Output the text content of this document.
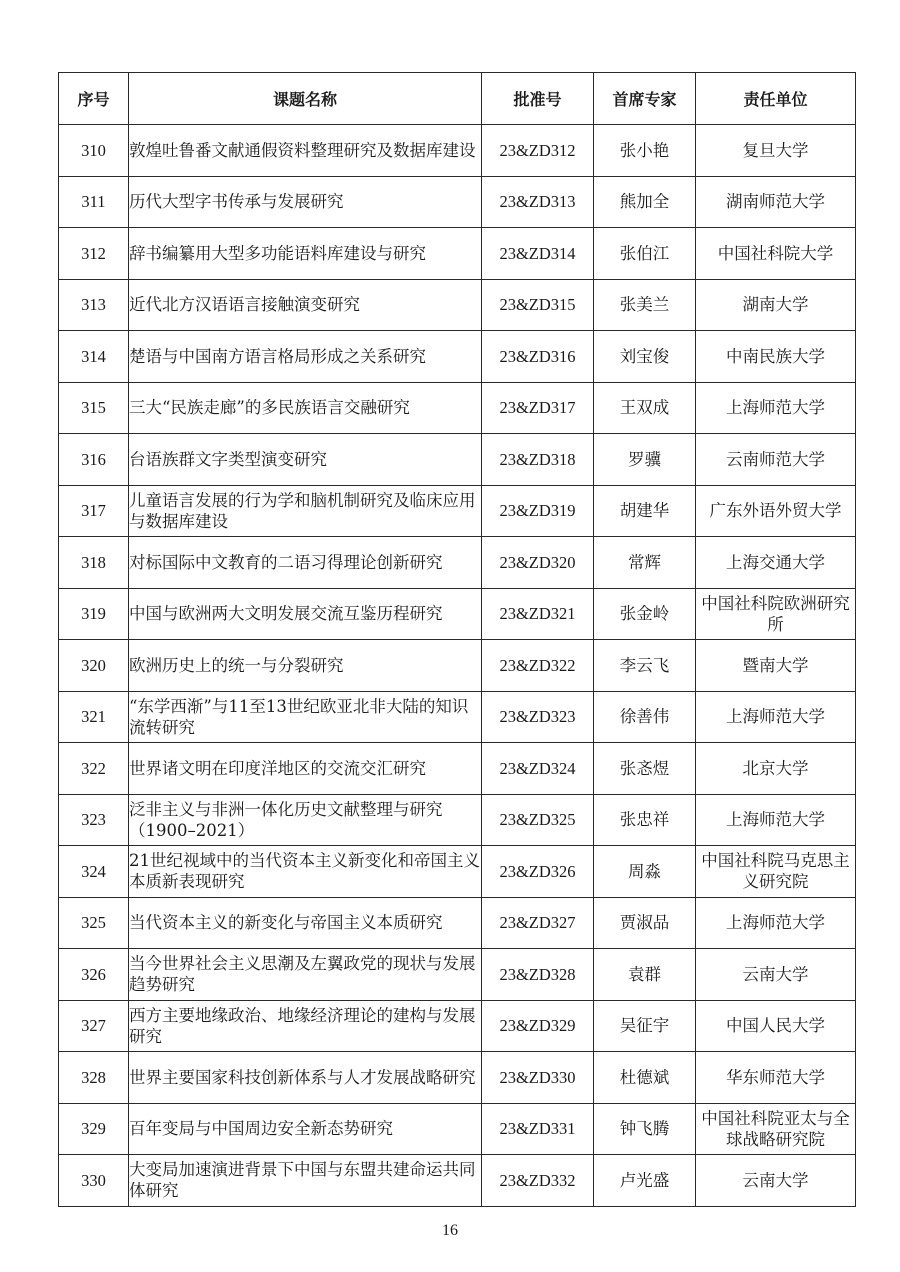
序号	课题名称	批准号	首席专家	责任单位
310	敦煌吐鲁番文献通假资料整理研究及数据库建设	23&ZD312	张小艳	复旦大学
311	历代大型字书传承与发展研究	23&ZD313	熊加全	湖南师范大学
312	辞书编纂用大型多功能语料库建设与研究	23&ZD314	张伯江	中国社科院大学
313	近代北方汉语语言接触演变研究	23&ZD315	张美兰	湖南大学
314	楚语与中国南方语言格局形成之关系研究	23&ZD316	刘宝俊	中南民族大学
315	三大“民族走廊”的多民族语言交融研究	23&ZD317	王双成	上海师范大学
316	台语族群文字类型演变研究	23&ZD318	罗骥	云南师范大学
317	儿童语言发展的行为学和脑机制研究及临床应用与数据库建设	23&ZD319	胡建华	广东外语外贸大学
318	对标国际中文教育的二语习得理论创新研究	23&ZD320	常辉	上海交通大学
319	中国与欧洲两大文明发展交流互鉴历程研究	23&ZD321	张金岭	中国社科院欧洲研究所
320	欧洲历史上的统一与分裂研究	23&ZD322	李云飞	暨南大学
321	“东学西渐”与11至13世纪欧亚北非大陆的知识流转研究	23&ZD323	徐善伟	上海师范大学
322	世界诸文明在印度洋地区的交流交汇研究	23&ZD324	张忞煜	北京大学
323	泛非主义与非洲一体化历史文献整理与研究（1900–2021）	23&ZD325	张忠祥	上海师范大学
324	21世纪视域中的当代资本主义新变化和帝国主义本质新表现研究	23&ZD326	周淼	中国社科院马克思主义研究院
325	当代资本主义的新变化与帝国主义本质研究	23&ZD327	贾淑品	上海师范大学
326	当今世界社会主义思潮及左翼政党的现状与发展趋势研究	23&ZD328	袁群	云南大学
327	西方主要地缘政治、地缘经济理论的建构与发展研究	23&ZD329	吴征宇	中国人民大学
328	世界主要国家科技创新体系与人才发展战略研究	23&ZD330	杜德斌	华东师范大学
329	百年变局与中国周边安全新态势研究	23&ZD331	钟飞腾	中国社科院亚太与全球战略研究院
330	大变局加速演进背景下中国与东盟共建命运共同体研究	23&ZD332	卢光盛	云南大学
16
